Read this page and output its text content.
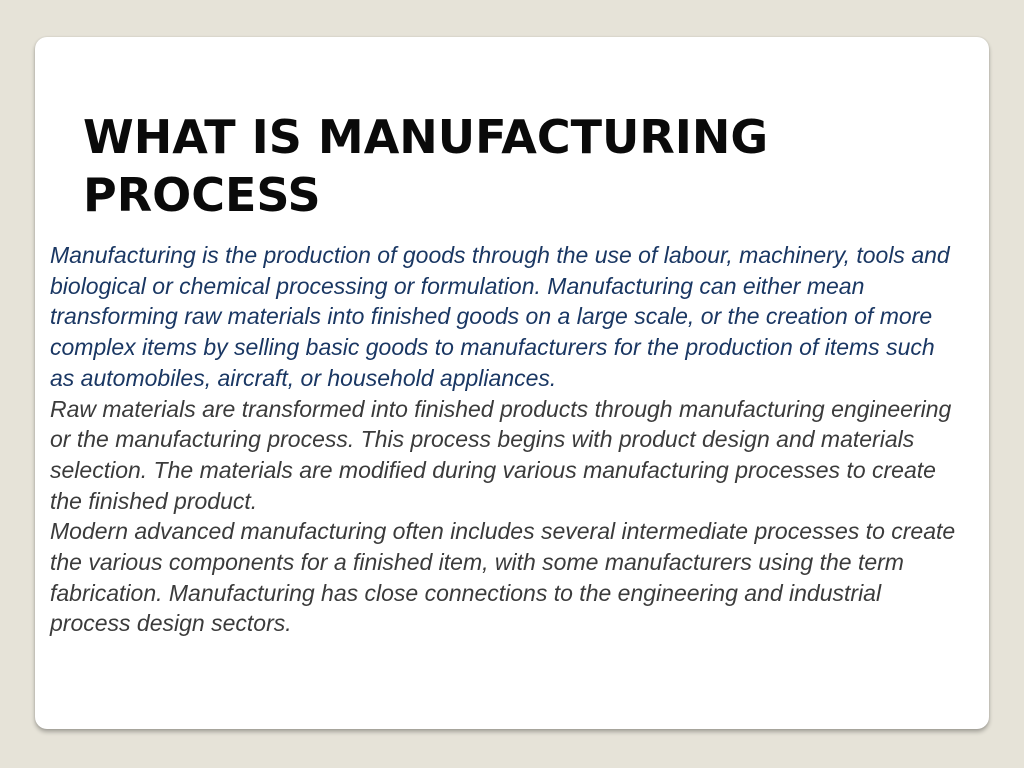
WHAT IS MANUFACTURING PROCESS

Manufacturing is the production of goods through the use of labour, machinery, tools and biological or chemical processing or formulation. Manufacturing can either mean transforming raw materials into finished goods on a large scale, or the creation of more complex items by selling basic goods to manufacturers for the production of items such as automobiles, aircraft, or household appliances.

Raw materials are transformed into finished products through manufacturing engineering or the manufacturing process. This process begins with product design and materials selection. The materials are modified during various manufacturing processes to create the finished product.

Modern advanced manufacturing often includes several intermediate processes to create the various components for a finished item, with some manufacturers using the term fabrication. Manufacturing has close connections to the engineering and industrial process design sectors.
